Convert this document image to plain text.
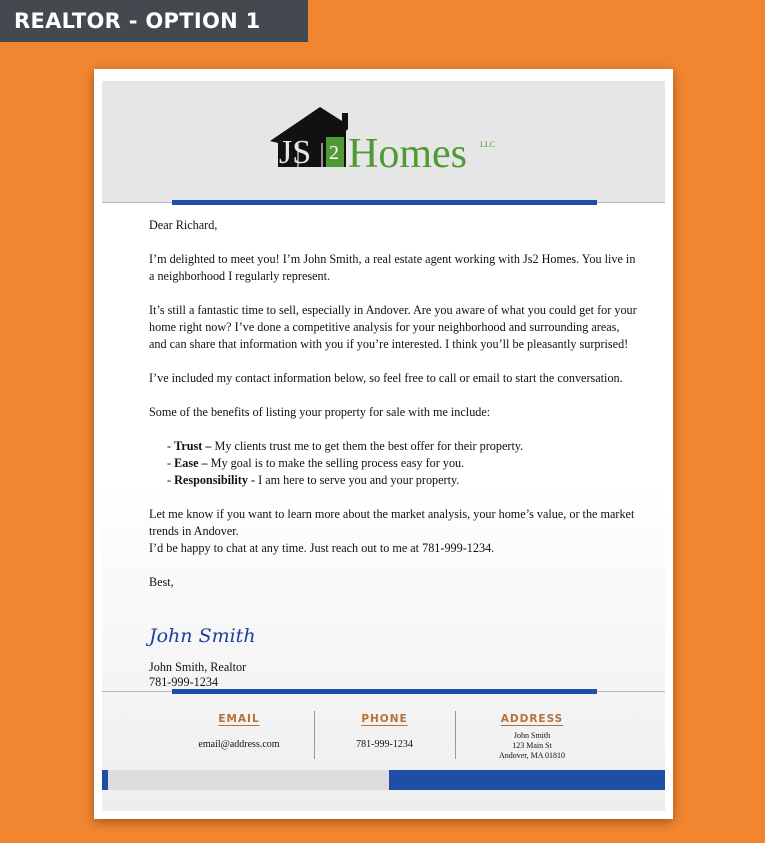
REALTOR - OPTION 1
JS 2 Homes LLC

Dear Richard,

I’m delighted to meet you! I’m John Smith, a real estate agent working with Js2 Homes. You live in a neighborhood I regularly represent.

It’s still a fantastic time to sell, especially in Andover. Are you aware of what you could get for your home right now? I’ve done a competitive analysis for your neighborhood and surrounding areas, and can share that information with you if you’re interested. I think you’ll be pleasantly surprised!

I’ve included my contact information below, so feel free to call or email to start the conversation.

Some of the benefits of listing your property for sale with me include:

- Trust – My clients trust me to get them the best offer for their property.
- Ease – My goal is to make the selling process easy for you.
- Responsibility - I am here to serve you and your property.

Let me know if you want to learn more about the market analysis, your home’s value, or the market trends in Andover.
I’d be happy to chat at any time. Just reach out to me at 781-999-1234.

Best,

John Smith
John Smith, Realtor
781-999-1234
EMAIL
email@address.com
PHONE
781-999-1234
ADDRESS
John Smith
123 Main St
Andover, MA 01810
